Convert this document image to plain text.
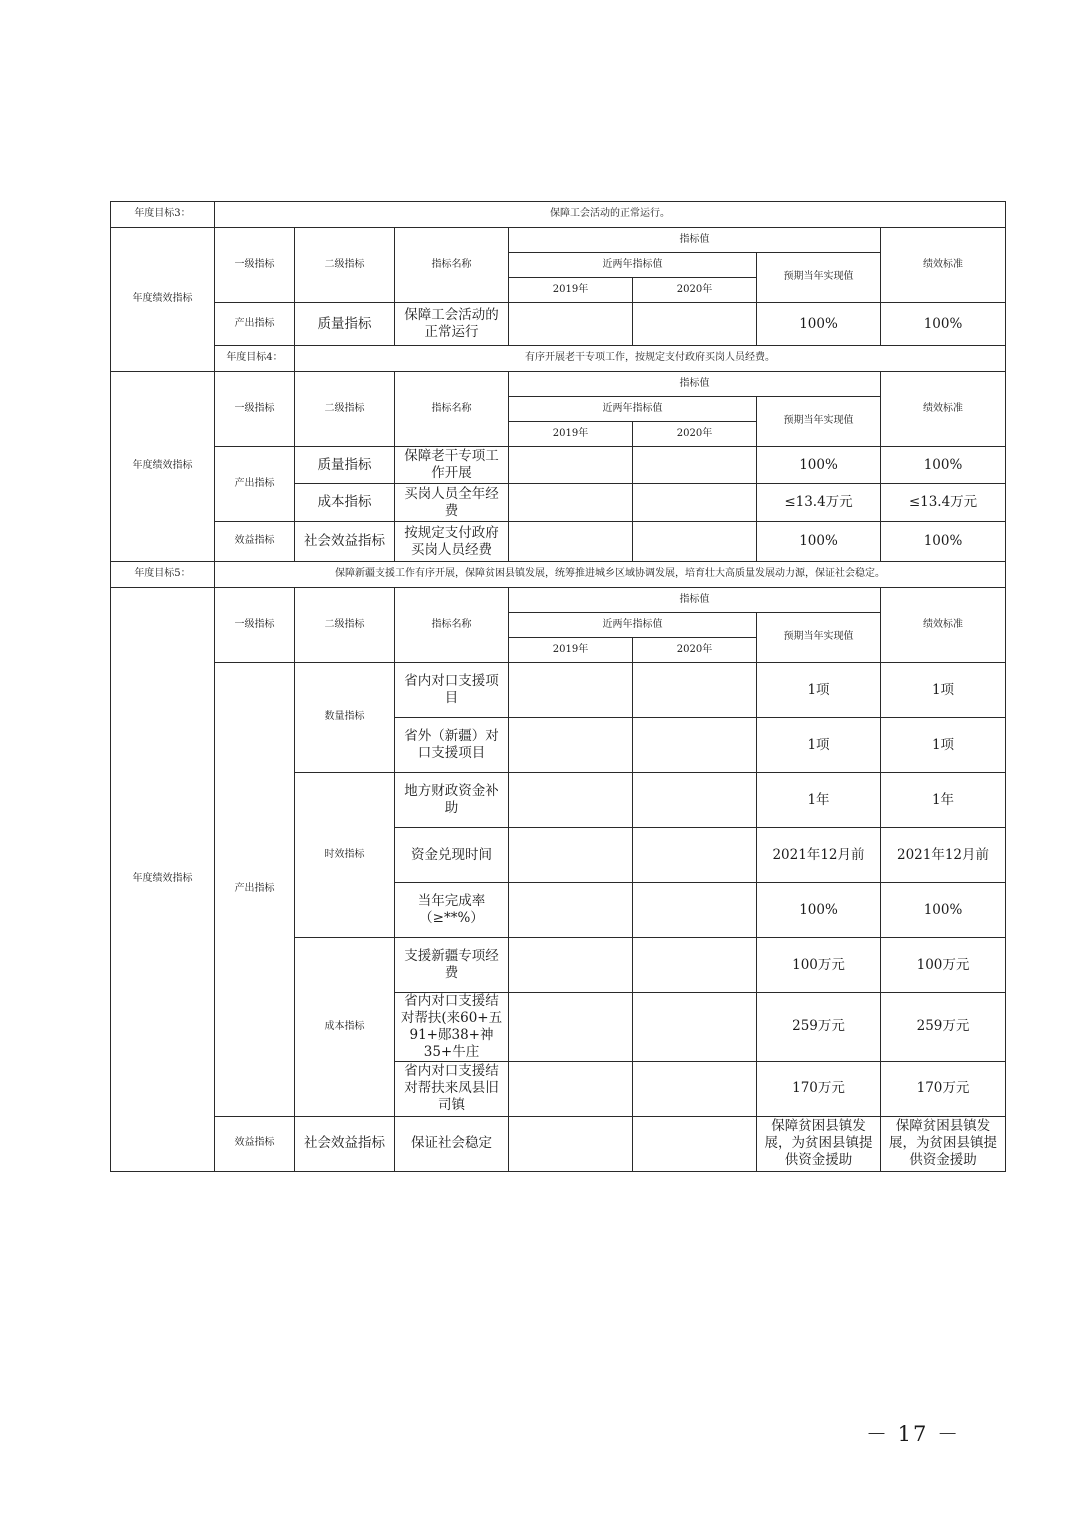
年度目标3：	保障工会活动的正常运行。						
年度绩效指标	一级指标	二级指标	指标名称	指标值			绩效标准
				近两年指标值		预期当年实现值	
				2019年	2020年		
	产出指标	质量指标	保障工会活动的正常运行			100%	100%
	年度目标4：	有序开展老干专项工作，按规定支付政府买岗人员经费。					
年度绩效指标	一级指标	二级指标	指标名称	指标值			绩效标准
				近两年指标值		预期当年实现值	
				2019年	2020年		
	产出指标	质量指标	保障老干专项工作开展			100%	100%
		成本指标	买岗人员全年经费			≤13.4万元	≤13.4万元
	效益指标	社会效益指标	按规定支付政府买岗人员经费			100%	100%
年度目标5：	保障新疆支援工作有序开展，保障贫困县镇发展，统筹推进城乡区域协调发展，培育壮大高质量发展动力源，保证社会稳定。						
年度绩效指标	一级指标	二级指标	指标名称	指标值			绩效标准
				近两年指标值		预期当年实现值	
				2019年	2020年		
	产出指标	数量指标	省内对口支援项目			1项	1项
			省外（新疆）对口支援项目			1项	1项
		时效指标	地方财政资金补助			1年	1年
			资金兑现时间			2021年12月前	2021年12月前
			当年完成率（≥**%）			100%	100%
		成本指标	支援新疆专项经费			100万元	100万元
			省内对口支援结对帮扶(来60+五91+郧38+神35+牛庄			259万元	259万元
			省内对口支援结对帮扶来凤县旧司镇			170万元	170万元
	效益指标	社会效益指标	保证社会稳定			保障贫困县镇发展，为贫困县镇提供资金援助	保障贫困县镇发展，为贫困县镇提供资金援助
－ 17 －
